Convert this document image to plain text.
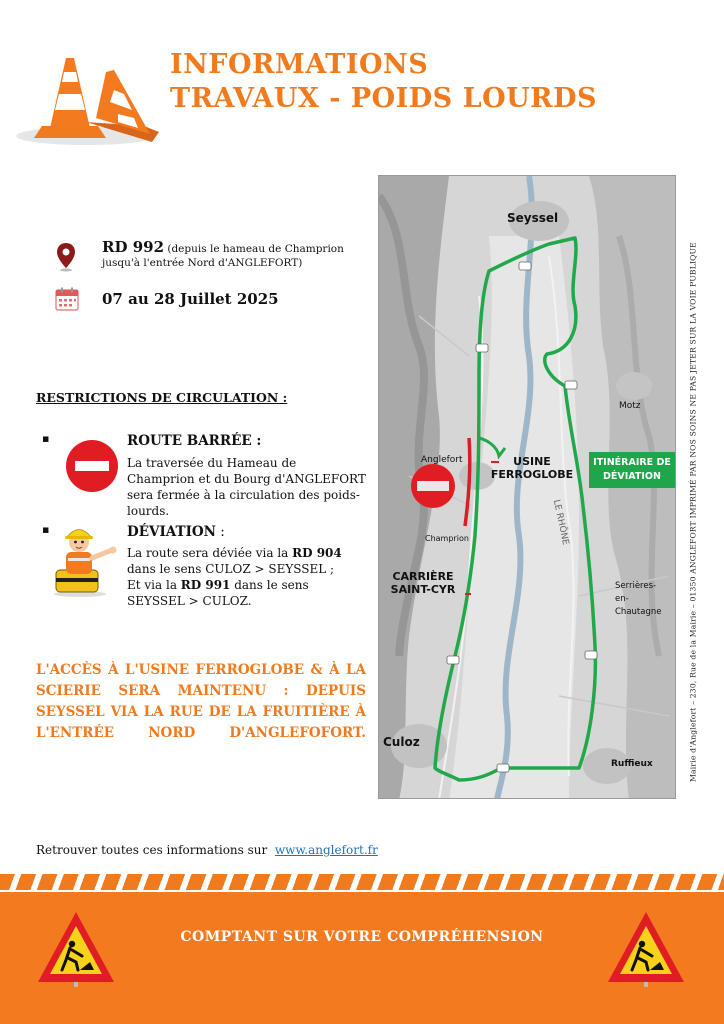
INFORMATIONS
TRAVAUX - POIDS LOURDS
RD 992 (depuis le hameau de Champrion jusqu'à l'entrée Nord d'ANGLEFORT)
07 au 28 Juillet 2025
RESTRICTIONS DE CIRCULATION :
▪	ROUTE BARRÉE :
La traversée du Hameau de Champrion et du Bourg d'ANGLEFORT sera fermée à la circulation des poids-lourds.
▪	DÉVIATION :
La route sera déviée via la RD 904 dans le sens CULOZ > SEYSSEL ;
Et via la RD 991 dans le sens SEYSSEL > CULOZ.
L'ACCÈS À L'USINE FERROGLOBE & À LA SCIERIE SERA MAINTENU : DEPUIS SEYSSEL VIA LA RUE DE LA FRUITIÈRE À L'ENTRÉE NORD D'ANGLEFOFORT.
USINE
FERROGLOBE
CARRIÈRE
SAINT-CYR
ITINÉRAIRE DE
DÉVIATION
Seyssel
Culoz
Motz
Anglefort
Champrion
Ruffieux
Serrières-
en-Chautagne
LE RHÔNE	Mairie d'Anglefort – 230, Rue de la Mairie – 01350 ANGLEFORT IMPRIMÉ PAR NOS SOINS NE PAS JETER SUR LA VOIE PUBLIQUE
Retrouver toutes ces informations sur www.anglefort.fr
COMPTANT SUR VOTRE COMPRÉHENSION
